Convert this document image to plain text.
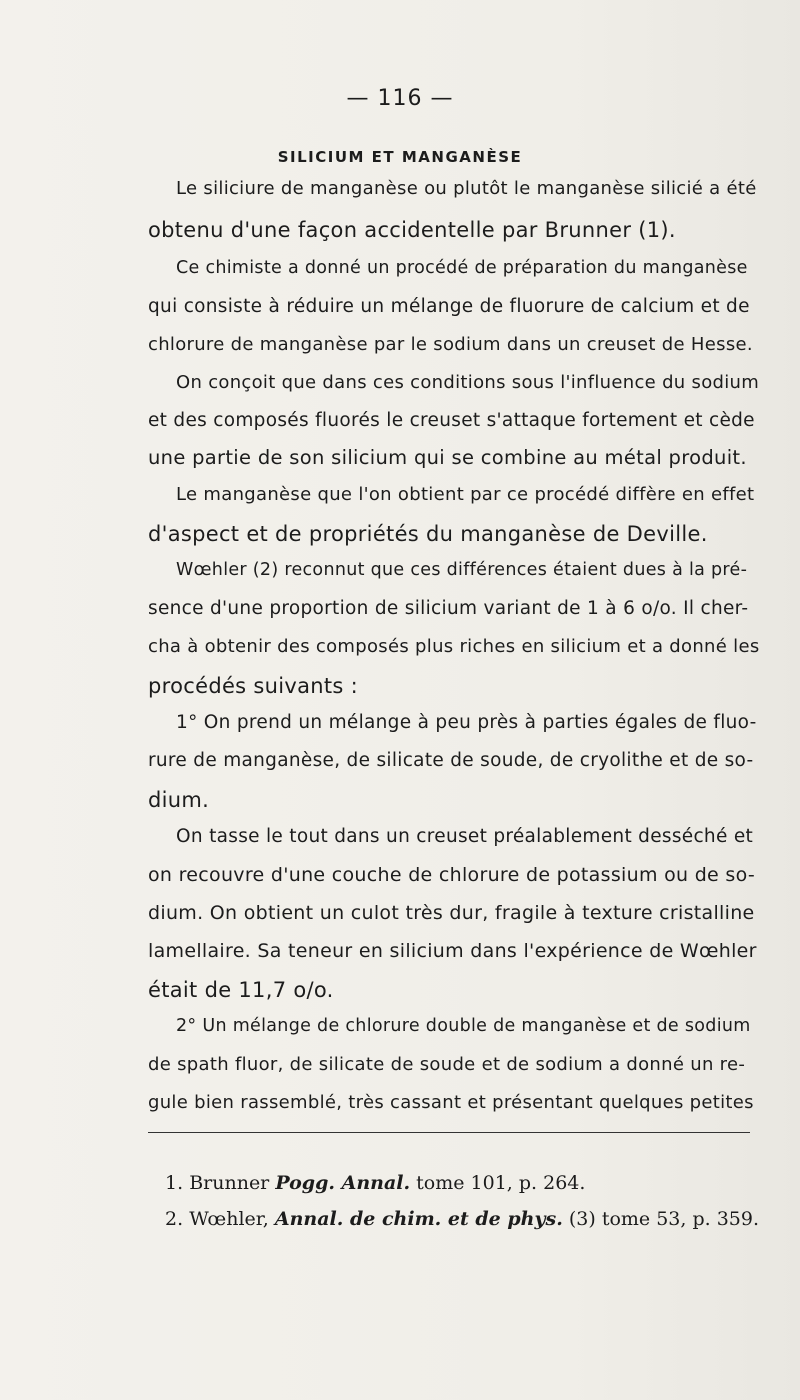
— 116 —
SILICIUM ET MANGANÈSE
Le siliciure de manganèse ou plutôt le manganèse silicié a été
obtenu d'une façon accidentelle par Brunner (1).
Ce chimiste a donné un procédé de préparation du manganèse
qui consiste à réduire un mélange de fluorure de calcium et de
chlorure de manganèse par le sodium dans un creuset de Hesse.
On conçoit que dans ces conditions sous l'influence du sodium
et des composés fluorés le creuset s'attaque fortement et cède
une partie de son silicium qui se combine au métal produit.
Le manganèse que l'on obtient par ce procédé diffère en effet
d'aspect et de propriétés du manganèse de Deville.
Wœhler (2) reconnut que ces différences étaient dues à la pré-
sence d'une proportion de silicium variant de 1 à 6 o/o. Il cher-
cha à obtenir des composés plus riches en silicium et a donné les
procédés suivants :
1° On prend un mélange à peu près à parties égales de fluo-
rure de manganèse, de silicate de soude, de cryolithe et de so-
dium.
On tasse le tout dans un creuset préalablement desséché et
on recouvre d'une couche de chlorure de potassium ou de so-
dium. On obtient un culot très dur, fragile à texture cristalline
lamellaire. Sa teneur en silicium dans l'expérience de Wœhler
était de 11,7 o/o.
2° Un mélange de chlorure double de manganèse et de sodium
de spath fluor, de silicate de soude et de sodium a donné un re-
gule bien rassemblé, très cassant et présentant quelques petites
1. Brunner Pogg. Annal. tome 101, p. 264.
2. Wœhler, Annal. de chim. et de phys. (3) tome 53, p. 359.
